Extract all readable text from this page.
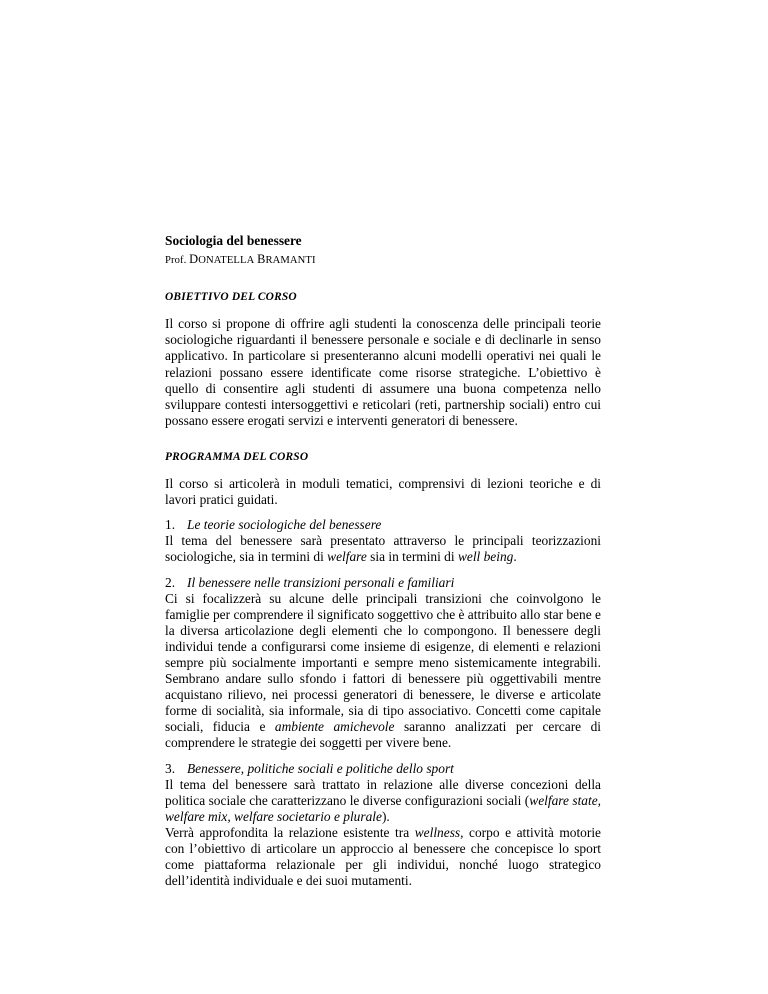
Sociologia del benessere

Prof. DONATELLA BRAMANTI

OBIETTIVO DEL CORSO

Il corso si propone di offrire agli studenti la conoscenza delle principali teorie sociologiche riguardanti il benessere personale e sociale e di declinarle in senso applicativo. In particolare si presenteranno alcuni modelli operativi nei quali le relazioni possano essere identificate come risorse strategiche. L’obiettivo è quello di consentire agli studenti di assumere una buona competenza nello sviluppare contesti intersoggettivi e reticolari (reti, partnership sociali) entro cui possano essere erogati servizi e interventi generatori di benessere.

PROGRAMMA DEL CORSO

Il corso si articolerà in moduli tematici, comprensivi di lezioni teoriche e di lavori pratici guidati.

1. Le teorie sociologiche del benessere

Il tema del benessere sarà presentato attraverso le principali teorizzazioni sociologiche, sia in termini di welfare sia in termini di well being.

2. Il benessere nelle transizioni personali e familiari

Ci si focalizzerà su alcune delle principali transizioni che coinvolgono le famiglie per comprendere il significato soggettivo che è attribuito allo star bene e la diversa articolazione degli elementi che lo compongono. Il benessere degli individui tende a configurarsi come insieme di esigenze, di elementi e relazioni sempre più socialmente importanti e sempre meno sistemicamente integrabili. Sembrano andare sullo sfondo i fattori di benessere più oggettivabili mentre acquistano rilievo, nei processi generatori di benessere, le diverse e articolate forme di socialità, sia informale, sia di tipo associativo. Concetti come capitale sociali, fiducia e ambiente amichevole saranno analizzati per cercare di comprendere le strategie dei soggetti per vivere bene.

3. Benessere, politiche sociali e politiche dello sport

Il tema del benessere sarà trattato in relazione alle diverse concezioni della politica sociale che caratterizzano le diverse configurazioni sociali (welfare state, welfare mix, welfare societario e plurale).
Verrà approfondita la relazione esistente tra wellness, corpo e attività motorie con l’obiettivo di articolare un approccio al benessere che concepisce lo sport come piattaforma relazionale per gli individui, nonché luogo strategico dell’identità individuale e dei suoi mutamenti.
